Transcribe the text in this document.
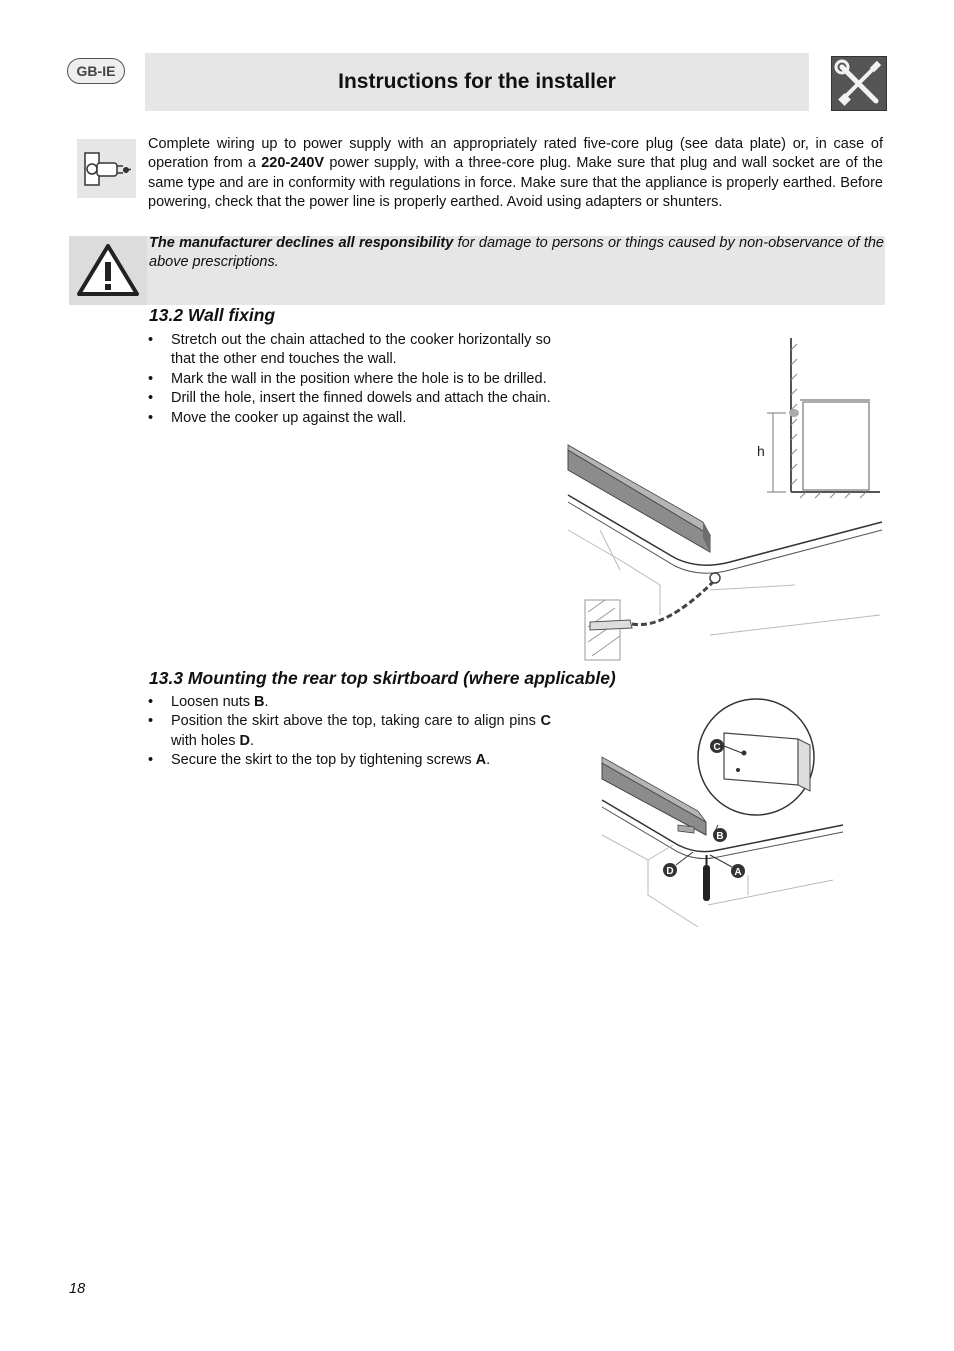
GB-IE	Instructions for the installer

Complete wiring up to power supply with an appropriately rated five-core plug (see data plate) or, in case of operation from a 220-240V power supply, with a three-core plug. Make sure that plug and wall socket are of the same type and are in conformity with regulations in force. Make sure that the appliance is properly earthed. Before powering, check that the power line is properly earthed. Avoid using adapters or shunters.

The manufacturer declines all responsibility for damage to persons or things caused by non-observance of the above prescriptions.

13.2 Wall fixing
• Stretch out the chain attached to the cooker horizontally so that the other end touches the wall.
• Mark the wall in the position where the hole is to be drilled.
• Drill the hole, insert the finned dowels and attach the chain.
• Move the cooker up against the wall.
h
13.3 Mounting the rear top skirtboard (where applicable)
• Loosen nuts B.
• Position the skirt above the top, taking care to align pins C with holes D.
• Secure the skirt to the top by tightening screws A.
C
B
D	A
18
